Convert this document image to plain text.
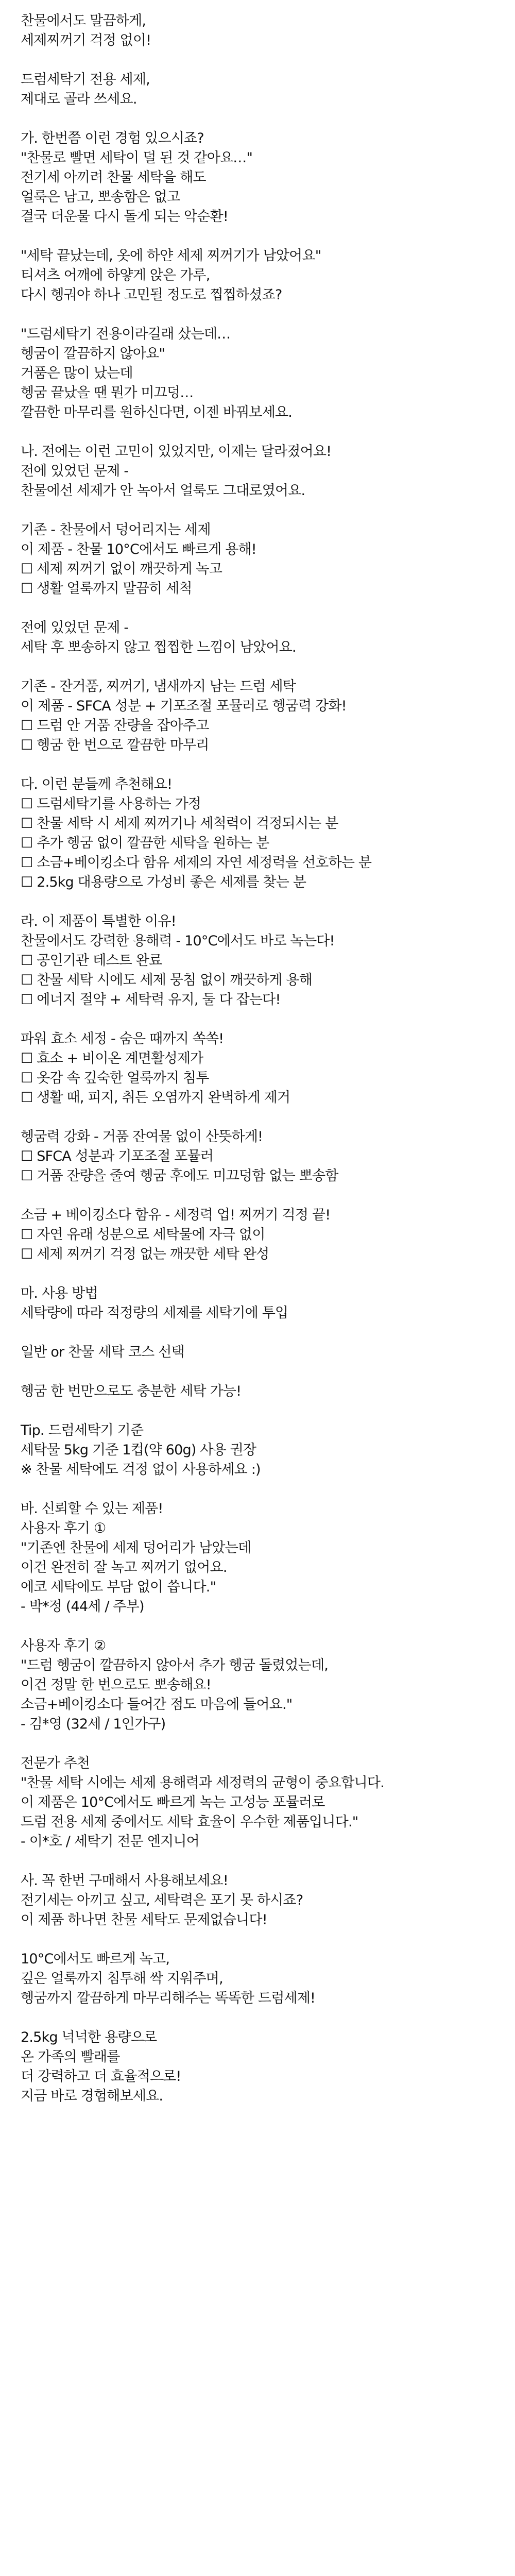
찬물에서도 말끔하게,
세제찌꺼기 걱정 없이!
드럼세탁기 전용 세제,
제대로 골라 쓰세요.
가. 한번쯤 이런 경험 있으시죠?
"찬물로 빨면 세탁이 덜 된 것 같아요…"
전기세 아끼려 찬물 세탁을 해도
얼룩은 남고, 뽀송함은 없고
결국 더운물 다시 돌게 되는 악순환!
"세탁 끝났는데, 옷에 하얀 세제 찌꺼기가 남았어요"
티셔츠 어깨에 하얗게 앉은 가루,
다시 헹궈야 하나 고민될 정도로 찝찝하셨죠?
"드럼세탁기 전용이라길래 샀는데…
헹굼이 깔끔하지 않아요"
거품은 많이 났는데
헹굼 끝났을 땐 뭔가 미끄덩…
깔끔한 마무리를 원하신다면, 이젠 바꿔보세요.
나. 전에는 이런 고민이 있었지만, 이제는 달라졌어요!
전에 있었던 문제 -
찬물에선 세제가 안 녹아서 얼룩도 그대로였어요.
기존 - 찬물에서 덩어리지는 세제
이 제품 - 찬물 10°C에서도 빠르게 용해!
☐ 세제 찌꺼기 없이 깨끗하게 녹고
☐ 생활 얼룩까지 말끔히 세척
전에 있었던 문제 -
세탁 후 뽀송하지 않고 찝찝한 느낌이 남았어요.
기존 - 잔거품, 찌꺼기, 냄새까지 남는 드럼 세탁
이 제품 - SFCA 성분 + 기포조절 포뮬러로 헹굼력 강화!
☐ 드럼 안 거품 잔량을 잡아주고
☐ 헹굼 한 번으로 깔끔한 마무리
다. 이런 분들께 추천해요!
☐ 드럼세탁기를 사용하는 가정
☐ 찬물 세탁 시 세제 찌꺼기나 세척력이 걱정되시는 분
☐ 추가 헹굼 없이 깔끔한 세탁을 원하는 분
☐ 소금+베이킹소다 함유 세제의 자연 세정력을 선호하는 분
☐ 2.5kg 대용량으로 가성비 좋은 세제를 찾는 분
라. 이 제품이 특별한 이유!
찬물에서도 강력한 용해력 - 10°C에서도 바로 녹는다!
☐ 공인기관 테스트 완료
☐ 찬물 세탁 시에도 세제 뭉침 없이 깨끗하게 용해
☐ 에너지 절약 + 세탁력 유지, 둘 다 잡는다!
파워 효소 세정 - 숨은 때까지 쏙쏙!
☐ 효소 + 비이온 계면활성제가
☐ 옷감 속 깊숙한 얼룩까지 침투
☐ 생활 때, 피지, 취든 오염까지 완벽하게 제거
헹굼력 강화 - 거품 잔여물 없이 산뜻하게!
☐ SFCA 성분과 기포조절 포뮬러
☐ 거품 잔량을 줄여 헹굼 후에도 미끄덩함 없는 뽀송함
소금 + 베이킹소다 함유 - 세정력 업! 찌꺼기 걱정 끝!
☐ 자연 유래 성분으로 세탁물에 자극 없이
☐ 세제 찌꺼기 걱정 없는 깨끗한 세탁 완성
마. 사용 방법
세탁량에 따라 적정량의 세제를 세탁기에 투입
일반 or 찬물 세탁 코스 선택
헹굼 한 번만으로도 충분한 세탁 가능!
Tip. 드럼세탁기 기준
세탁물 5kg 기준 1컵(약 60g) 사용 권장
※ 찬물 세탁에도 걱정 없이 사용하세요 :)
바. 신뢰할 수 있는 제품!
사용자 후기 ①
"기존엔 찬물에 세제 덩어리가 남았는데
이건 완전히 잘 녹고 찌꺼기 없어요.
에코 세탁에도 부담 없이 씁니다."
- 박*정 (44세 / 주부)
사용자 후기 ②
"드럼 헹굼이 깔끔하지 않아서 추가 헹굼 돌렸었는데,
이건 정말 한 번으로도 뽀송해요!
소금+베이킹소다 들어간 점도 마음에 들어요."
- 김*영 (32세 / 1인가구)
전문가 추천
"찬물 세탁 시에는 세제 용해력과 세정력의 균형이 중요합니다.
이 제품은 10°C에서도 빠르게 녹는 고성능 포뮬러로
드럼 전용 세제 중에서도 세탁 효율이 우수한 제품입니다."
- 이*호 / 세탁기 전문 엔지니어
사. 꼭 한번 구매해서 사용해보세요!
전기세는 아끼고 싶고, 세탁력은 포기 못 하시죠?
이 제품 하나면 찬물 세탁도 문제없습니다!
10°C에서도 빠르게 녹고,
깊은 얼룩까지 침투해 싹 지워주며,
헹굼까지 깔끔하게 마무리해주는 똑똑한 드럼세제!
2.5kg 넉넉한 용량으로
온 가족의 빨래를
더 강력하고 더 효율적으로!
지금 바로 경험해보세요.
